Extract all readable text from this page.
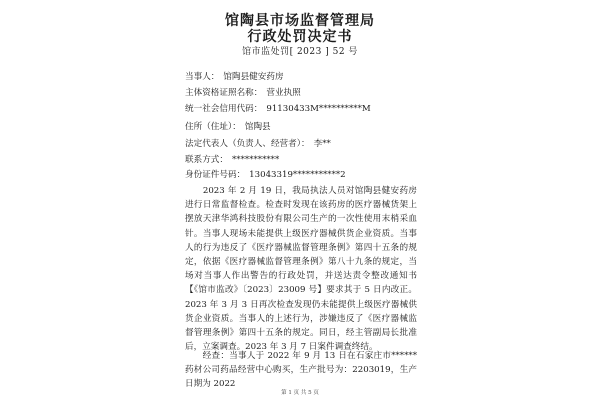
馆陶县市场监督管理局
行政处罚决定书
馆市监处罚[ 2023 ] 52 号
当事人： 馆陶县健安药房
主体资格证照名称： 营业执照
统一社会信用代码： 91130433M**********M
住所（住址）： 馆陶县
法定代表人（负责人、经营者）： 李**
联系方式： ***********
身份证件号码： 13043319***********2
　　2023 年 2 月 19 日，我局执法人员对馆陶县健安药房进行日常监督检查。检查时发现在该药房的医疗器械货架上摆放天津华鸿科技股份有限公司生产的一次性使用末梢采血针。当事人现场未能提供上级医疗器械供货企业资质。当事人的行为违反了《医疗器械监督管理条例》第四十五条的规定，依据《医疗器械监督管理条例》第八十九条的规定，当场对当事人作出警告的行政处罚，并送达责令整改通知书【《馆市监改》〔2023〕23009 号】要求其于 5 日内改正。2023 年 3 月 3 日再次检查发现仍未能提供上级医疗器械供货企业资质。当事人的上述行为，涉嫌违反了《医疗器械监督管理条例》第四十五条的规定。同日，经主管副局长批准后，立案调查。2023 年 3 月 7 日案件调查终结。
　　经查：当事人于 2022 年 9 月 13 日在石家庄市******药材公司药品经营中心购买，生产批号为：2203019，生产日期为 2022
第 1 页 共 5 页
